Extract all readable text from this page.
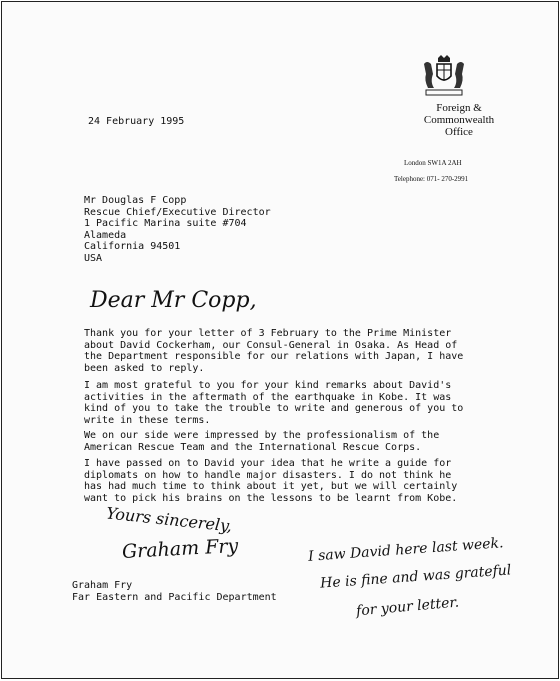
Foreign &
Commonwealth
Office
London SW1A 2AH
Telephone: 071- 270-2991
24 February 1995
Mr Douglas F Copp
Rescue Chief/Executive Director
1 Pacific Marina suite #704
Alameda
California 94501
USA
Dear Mr Copp,
Thank you for your letter of 3 February to the Prime Minister
about David Cockerham, our Consul-General in Osaka. As Head of
the Department responsible for our relations with Japan, I have
been asked to reply.
I am most grateful to you for your kind remarks about David's
activities in the aftermath of the earthquake in Kobe. It was
kind of you to take the trouble to write and generous of you to
write in these terms.
We on our side were impressed by the professionalism of the
American Rescue Team and the International Rescue Corps.
I have passed on to David your idea that he write a guide for
diplomats on how to handle major disasters. I do not think he
has had much time to think about it yet, but we will certainly
want to pick his brains on the lessons to be learnt from Kobe.
Yours sincerely,
Graham Fry
Graham Fry
Far Eastern and Pacific Department
I saw David here last week.
He is fine and was grateful
for your letter.
